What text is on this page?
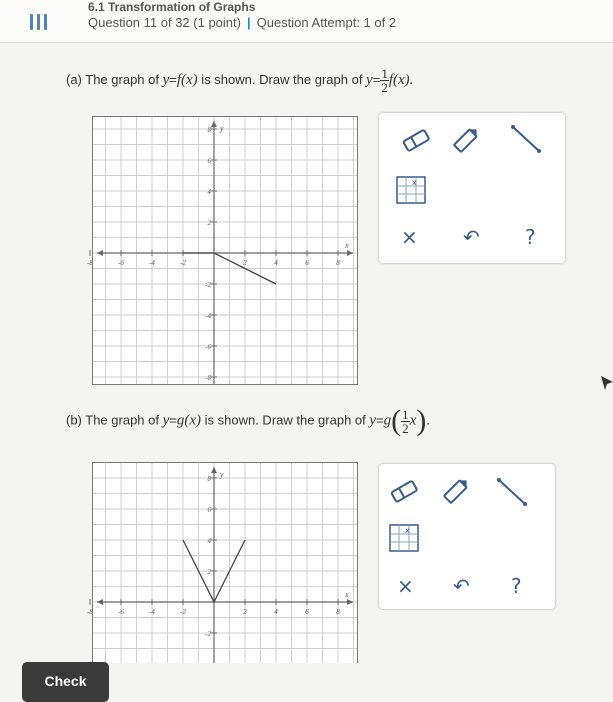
6.1 Transformation of Graphs
Question 11 of 32 (1 point) | Question Attempt: 1 of 2
(a) The graph of y=f(x) is shown. Draw the graph of $y= \frac{1}{2} f(x)$.
-8	-6	-4	-2	2	4	6	8
8
6
4
2
-2
-4
-6
-8
x
y
x
× ↶ ?
(b) The graph of y=g(x) is shown. Draw the graph of $y=g( \frac{1}{2} x)$.
-8	-6	-4	-2	2	4	6	8
8
6
4
2
-2
x
y
x
× ↶ ?
Check
